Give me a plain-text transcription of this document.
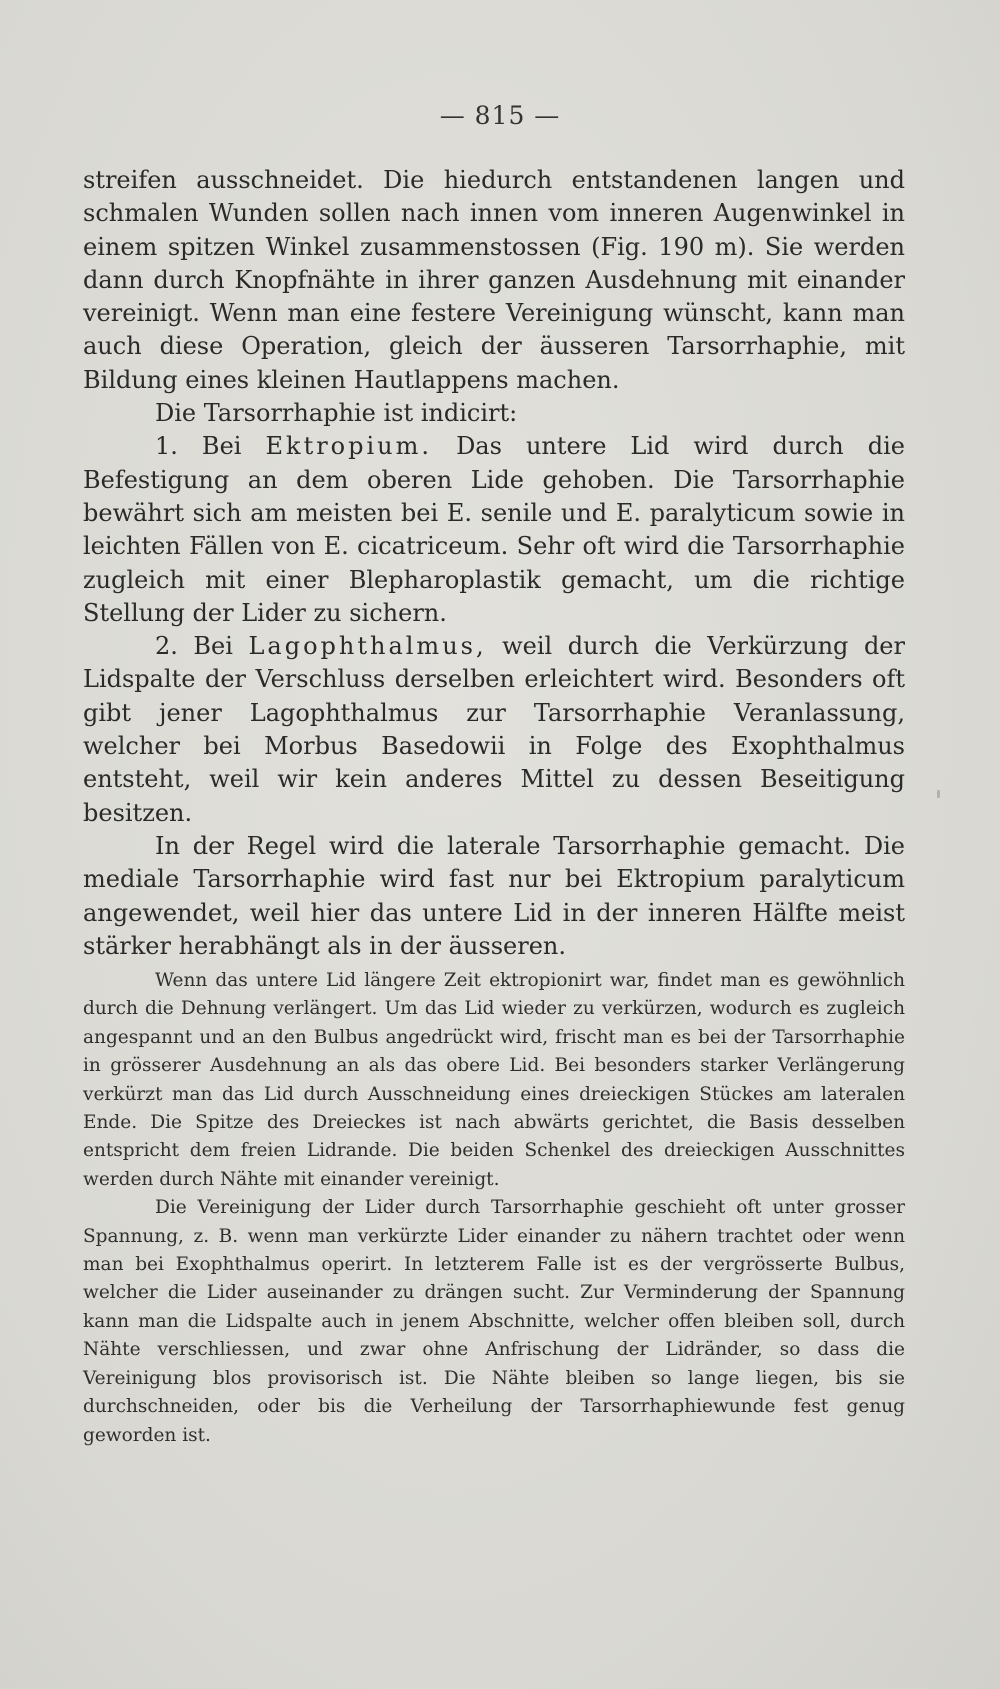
— 815 —

streifen ausschneidet. Die hiedurch entstandenen langen und schmalen Wunden sollen nach innen vom inneren Augenwinkel in einem spitzen Winkel zusammenstossen (Fig. 190 m). Sie werden dann durch Knopfnähte in ihrer ganzen Ausdehnung mit einander vereinigt. Wenn man eine festere Vereinigung wünscht, kann man auch diese Operation, gleich der äusseren Tarsorrhaphie, mit Bildung eines kleinen Hautlappens machen.

Die Tarsorrhaphie ist indicirt:

1. Bei Ektropium. Das untere Lid wird durch die Befestigung an dem oberen Lide gehoben. Die Tarsorrhaphie bewährt sich am meisten bei E. senile und E. paralyticum sowie in leichten Fällen von E. cicatriceum. Sehr oft wird die Tarsorrhaphie zugleich mit einer Blepharoplastik gemacht, um die richtige Stellung der Lider zu sichern.

2. Bei Lagophthalmus, weil durch die Verkürzung der Lidspalte der Verschluss derselben erleichtert wird. Besonders oft gibt jener Lagophthalmus zur Tarsorrhaphie Veranlassung, welcher bei Morbus Basedowii in Folge des Exophthalmus entsteht, weil wir kein anderes Mittel zu dessen Beseitigung besitzen.

In der Regel wird die laterale Tarsorrhaphie gemacht. Die mediale Tarsorrhaphie wird fast nur bei Ektropium paralyticum angewendet, weil hier das untere Lid in der inneren Hälfte meist stärker herabhängt als in der äusseren.

Wenn das untere Lid längere Zeit ektropionirt war, findet man es gewöhnlich durch die Dehnung verlängert. Um das Lid wieder zu verkürzen, wodurch es zugleich angespannt und an den Bulbus angedrückt wird, frischt man es bei der Tarsorrhaphie in grösserer Ausdehnung an als das obere Lid. Bei besonders starker Verlängerung verkürzt man das Lid durch Ausschneidung eines dreieckigen Stückes am lateralen Ende. Die Spitze des Dreieckes ist nach abwärts gerichtet, die Basis desselben entspricht dem freien Lidrande. Die beiden Schenkel des dreieckigen Ausschnittes werden durch Nähte mit einander vereinigt.

Die Vereinigung der Lider durch Tarsorrhaphie geschieht oft unter grosser Spannung, z. B. wenn man verkürzte Lider einander zu nähern trachtet oder wenn man bei Exophthalmus operirt. In letzterem Falle ist es der vergrösserte Bulbus, welcher die Lider auseinander zu drängen sucht. Zur Verminderung der Spannung kann man die Lidspalte auch in jenem Abschnitte, welcher offen bleiben soll, durch Nähte verschliessen, und zwar ohne Anfrischung der Lidränder, so dass die Vereinigung blos provisorisch ist. Die Nähte bleiben so lange liegen, bis sie durchschneiden, oder bis die Verheilung der Tarsorrhaphiewunde fest genug geworden ist.
